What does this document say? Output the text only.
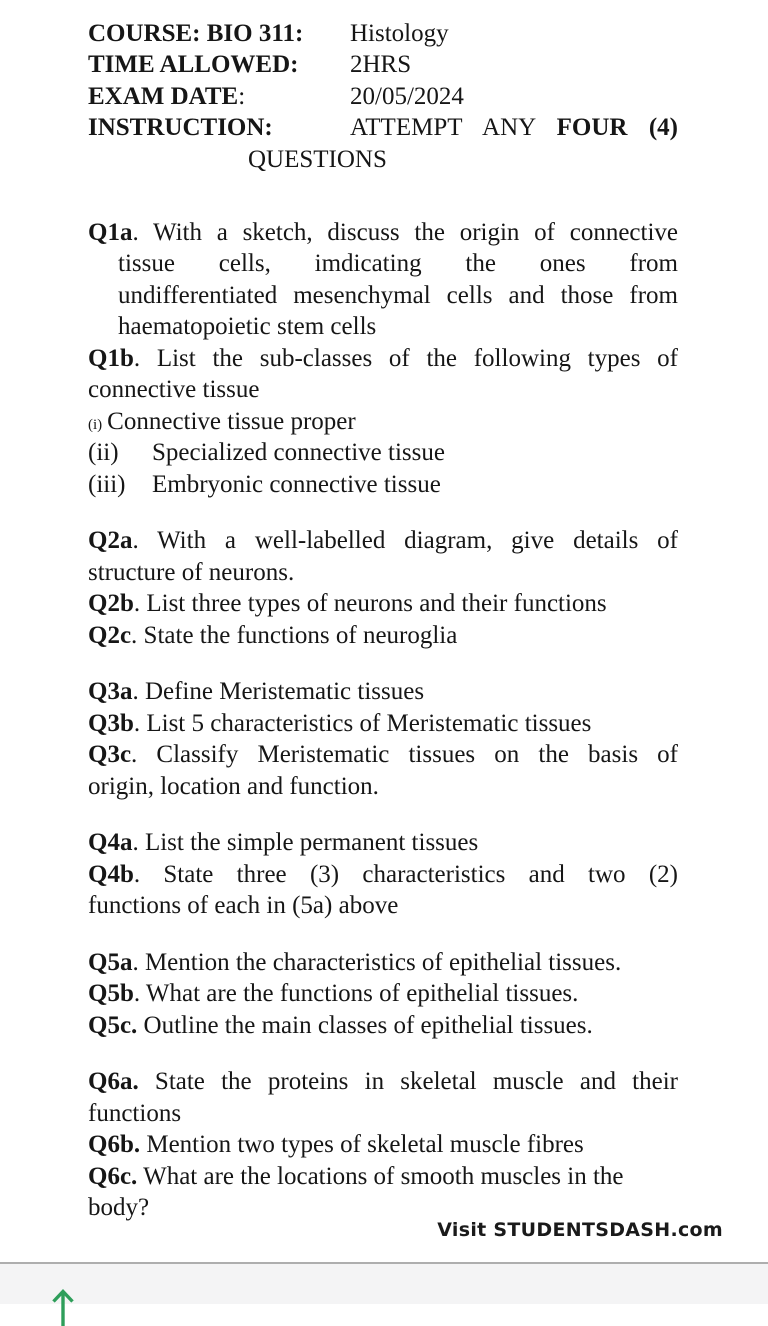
COURSE: BIO 311: Histology
TIME ALLOWED: 2HRS
EXAM DATE:	20/05/2024
INSTRUCTION:	ATTEMPT ANY FOUR (4)
QUESTIONS
Q1a. With a sketch, discuss the origin of connective
tissue cells, imdicating the ones from
undifferentiated mesenchymal cells and those from
haematopoietic stem cells
Q1b. List the sub-classes of the following types of
connective tissue
(i) Connective tissue proper
(ii) Specialized connective tissue
(iii) Embryonic connective tissue
Q2a. With a well-labelled diagram, give details of
structure of neurons.
Q2b. List three types of neurons and their functions
Q2c. State the functions of neuroglia
Q3a. Define Meristematic tissues
Q3b. List 5 characteristics of Meristematic tissues
Q3c. Classify Meristematic tissues on the basis of
origin, location and function.
Q4a. List the simple permanent tissues
Q4b. State three (3) characteristics and two (2)
functions of each in (5a) above
Q5a. Mention the characteristics of epithelial tissues.
Q5b. What are the functions of epithelial tissues.
Q5c. Outline the main classes of epithelial tissues.
Q6a. State the proteins in skeletal muscle and their
functions
Q6b. Mention two types of skeletal muscle fibres
Q6c. What are the locations of smooth muscles in the
body?
Visit STUDENTSDASH.com
